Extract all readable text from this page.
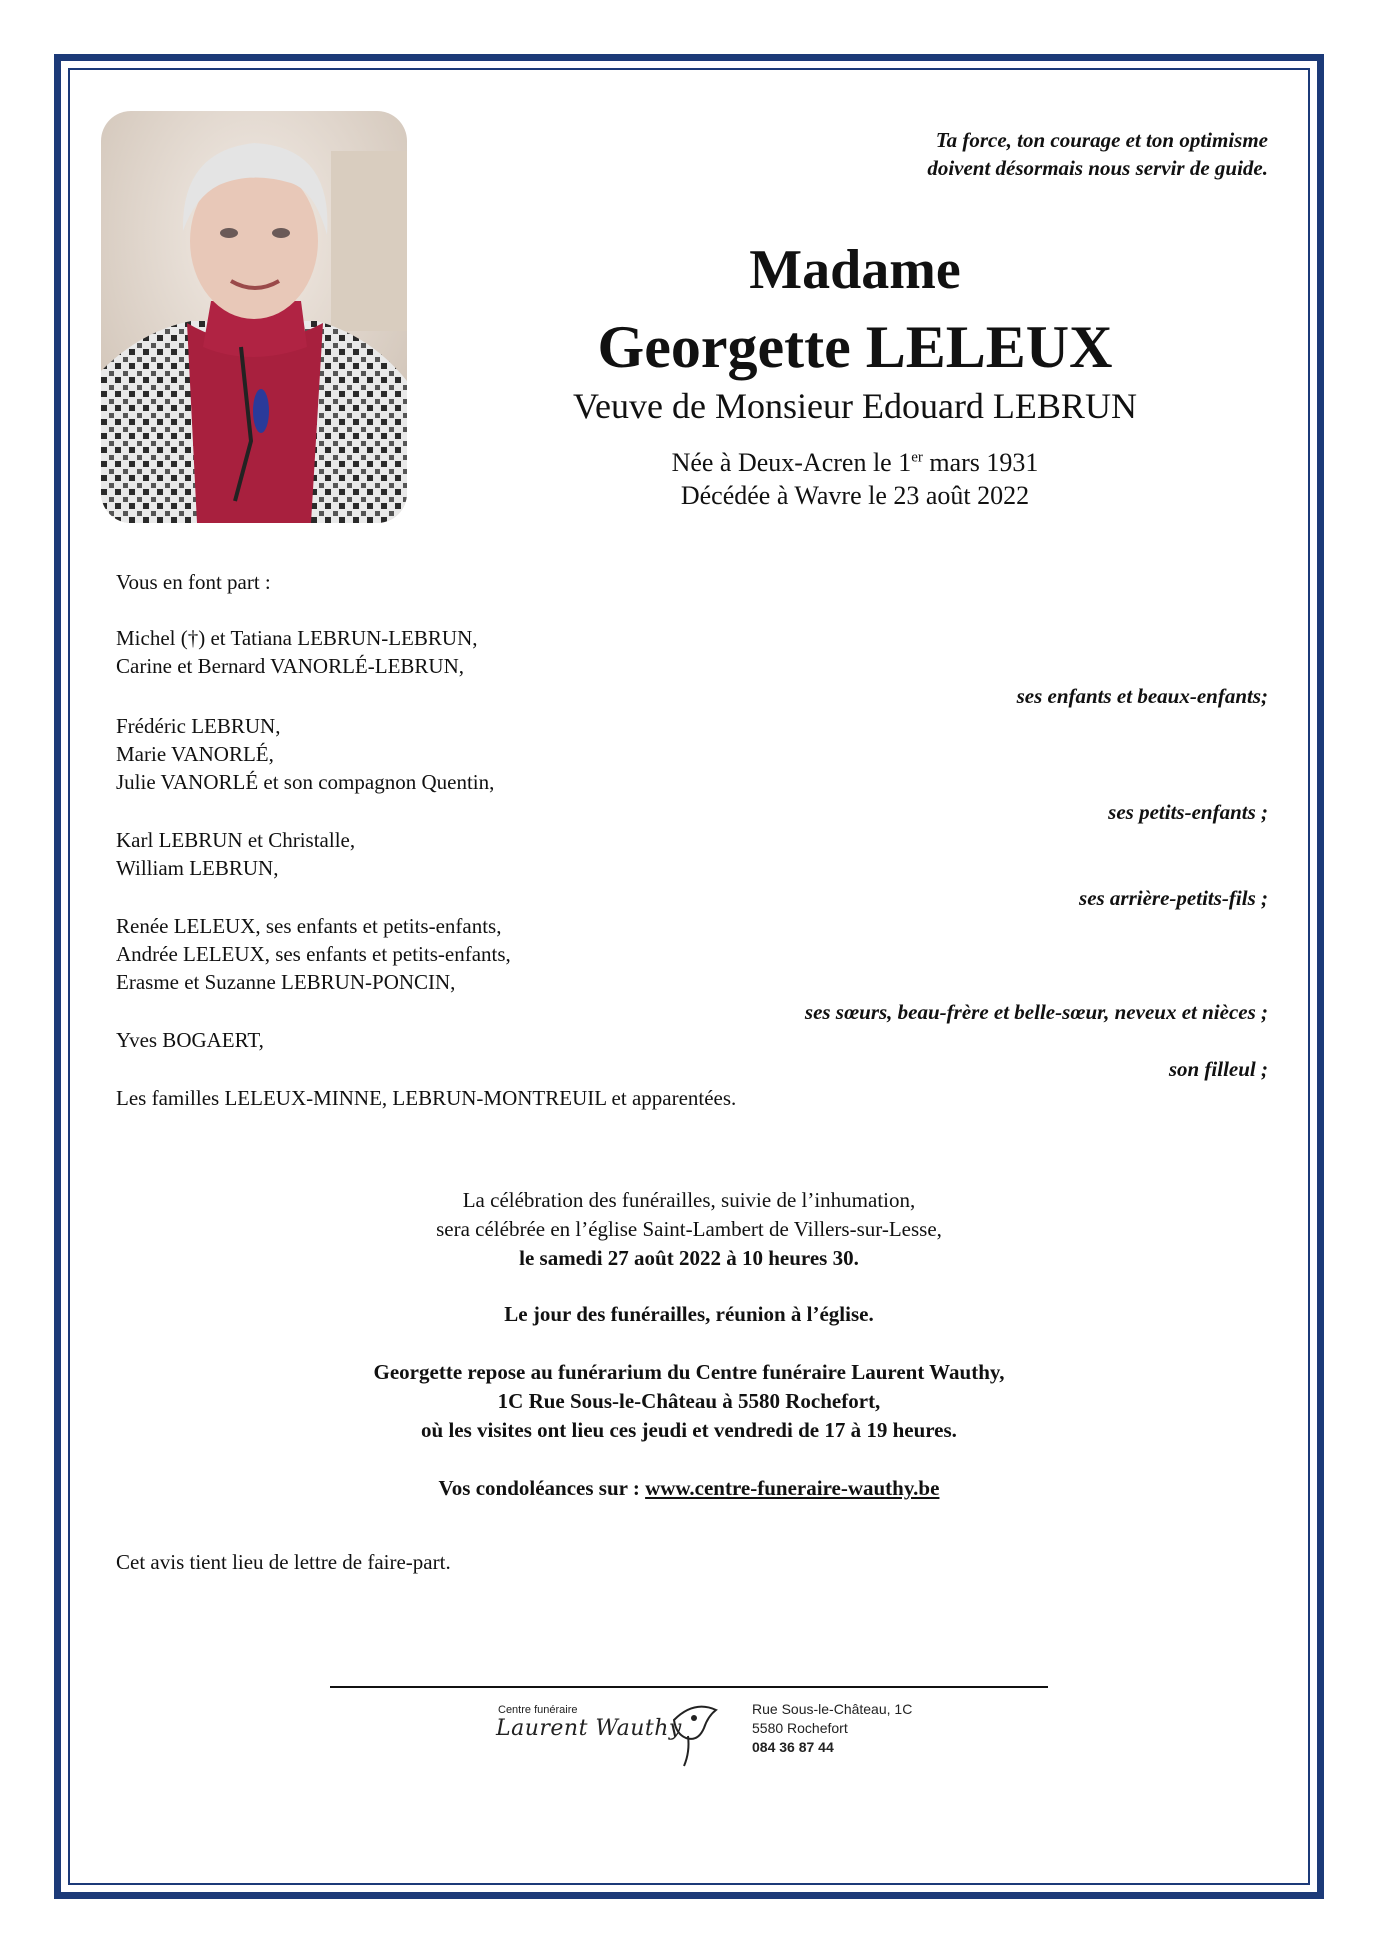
Ta force, ton courage et ton optimisme
doivent désormais nous servir de guide.
Madame
Georgette LELEUX
Veuve de Monsieur Edouard LEBRUN
Née à Deux-Acren le 1er mars 1931
Décédée à Wavre le 23 août 2022
Vous en font part :
Michel (†) et Tatiana LEBRUN-LEBRUN,
Carine et Bernard VANORLÉ-LEBRUN,
ses enfants et beaux-enfants;
Frédéric LEBRUN,
Marie VANORLÉ,
Julie VANORLÉ et son compagnon Quentin,
ses petits-enfants ;
Karl LEBRUN et Christalle,
William LEBRUN,
ses arrière-petits-fils ;
Renée LELEUX, ses enfants et petits-enfants,
Andrée LELEUX, ses enfants et petits-enfants,
Erasme et Suzanne LEBRUN-PONCIN,
ses sœurs, beau-frère et belle-sœur, neveux et nièces ;
Yves BOGAERT,
son filleul ;
Les familles LELEUX-MINNE, LEBRUN-MONTREUIL et apparentées.
La célébration des funérailles, suivie de l’inhumation,
sera célébrée en l’église Saint-Lambert de Villers-sur-Lesse,
le samedi 27 août 2022 à 10 heures 30.
Le jour des funérailles, réunion à l’église.
Georgette repose au funérarium du Centre funéraire Laurent Wauthy,
1C Rue Sous-le-Château à 5580 Rochefort,
où les visites ont lieu ces jeudi et vendredi de 17 à 19 heures.
Vos condoléances sur : www.centre-funeraire-wauthy.be
Cet avis tient lieu de lettre de faire-part.
Centre funéraire
Laurent Wauthy
Rue Sous-le-Château, 1C
5580 Rochefort
084 36 87 44
